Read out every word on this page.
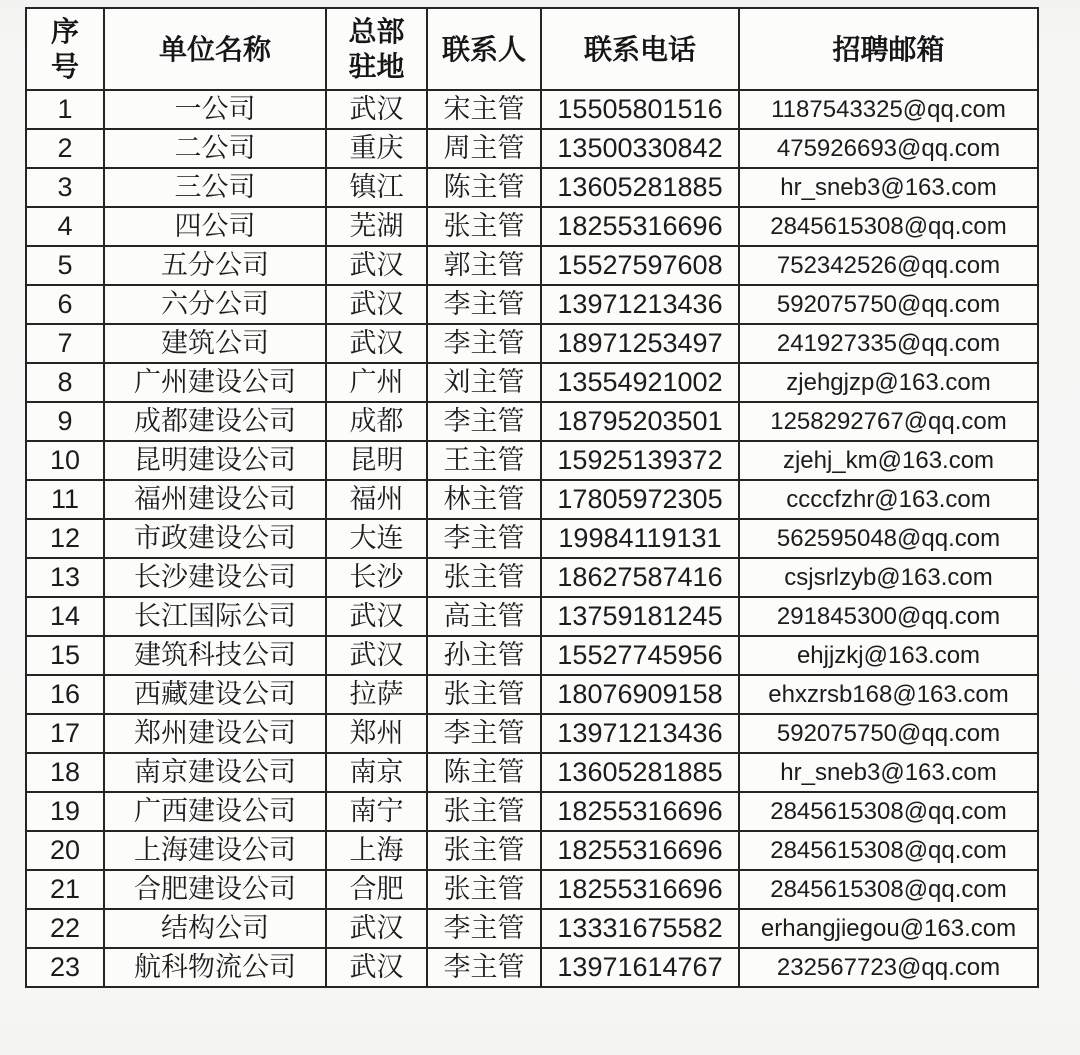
序号	单位名称	总部驻地	联系人	联系电话	招聘邮箱
1	一公司	武汉	宋主管	15505801516	1187543325@qq.com
2	二公司	重庆	周主管	13500330842	475926693@qq.com
3	三公司	镇江	陈主管	13605281885	hr_sneb3@163.com
4	四公司	芜湖	张主管	18255316696	2845615308@qq.com
5	五分公司	武汉	郭主管	15527597608	752342526@qq.com
6	六分公司	武汉	李主管	13971213436	592075750@qq.com
7	建筑公司	武汉	李主管	18971253497	241927335@qq.com
8	广州建设公司	广州	刘主管	13554921002	zjehgjzp@163.com
9	成都建设公司	成都	李主管	18795203501	1258292767@qq.com
10	昆明建设公司	昆明	王主管	15925139372	zjehj_km@163.com
11	福州建设公司	福州	林主管	17805972305	ccccfzhr@163.com
12	市政建设公司	大连	李主管	19984119131	562595048@qq.com
13	长沙建设公司	长沙	张主管	18627587416	csjsrlzyb@163.com
14	长江国际公司	武汉	高主管	13759181245	291845300@qq.com
15	建筑科技公司	武汉	孙主管	15527745956	ehjjzkj@163.com
16	西藏建设公司	拉萨	张主管	18076909158	ehxzrsb168@163.com
17	郑州建设公司	郑州	李主管	13971213436	592075750@qq.com
18	南京建设公司	南京	陈主管	13605281885	hr_sneb3@163.com
19	广西建设公司	南宁	张主管	18255316696	2845615308@qq.com
20	上海建设公司	上海	张主管	18255316696	2845615308@qq.com
21	合肥建设公司	合肥	张主管	18255316696	2845615308@qq.com
22	结构公司	武汉	李主管	13331675582	erhangjiegou@163.com
23	航科物流公司	武汉	李主管	13971614767	232567723@qq.com
